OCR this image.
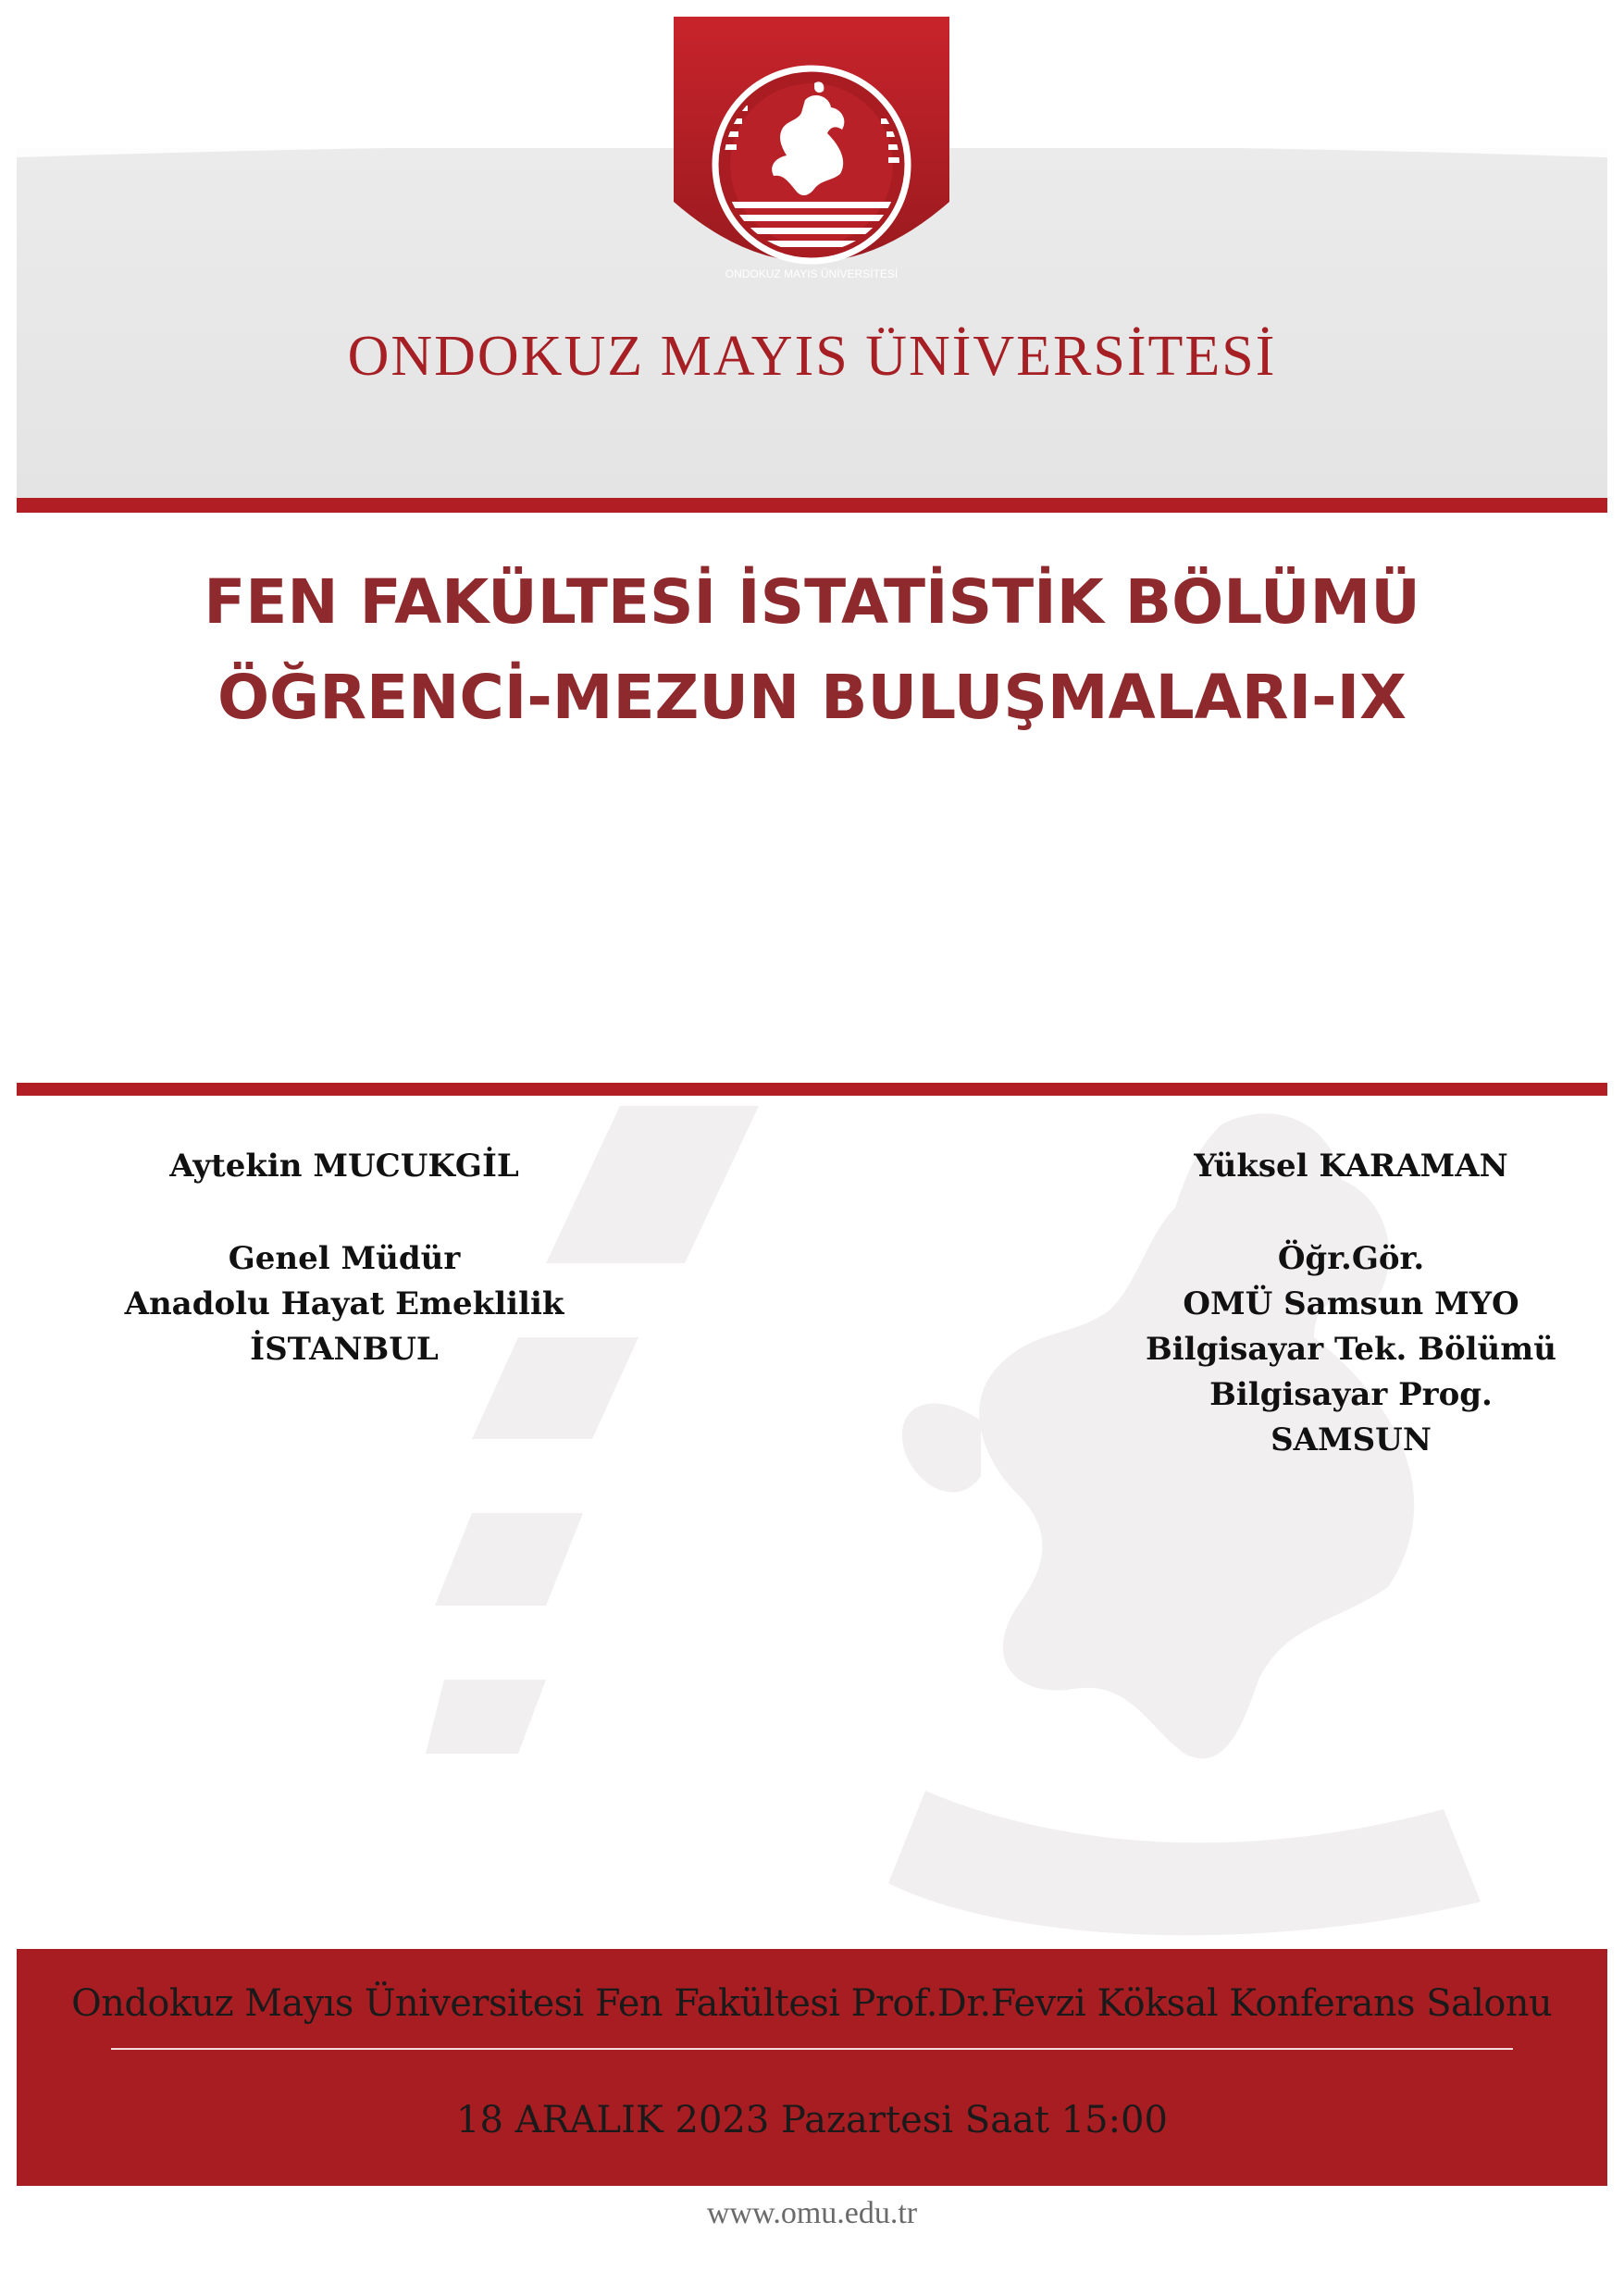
ONDOKUZ MAYIS ÜNİVERSİTESİ
ONDOKUZ MAYIS ÜNİVERSİTESİ
FEN FAKÜLTESİ İSTATİSTİK BÖLÜMÜ
ÖĞRENCİ-MEZUN BULUŞMALARI-IX
Aytekin MUCUKGİL
Genel Müdür
Anadolu Hayat Emeklilik
İSTANBUL
Yüksel KARAMAN
Öğr.Gör.
OMÜ Samsun MYO
Bilgisayar Tek. Bölümü
Bilgisayar Prog.
SAMSUN
Ondokuz Mayıs Üniversitesi Fen Fakültesi Prof.Dr.Fevzi Köksal Konferans Salonu
18 ARALIK 2023 Pazartesi Saat 15:00
www.omu.edu.tr
